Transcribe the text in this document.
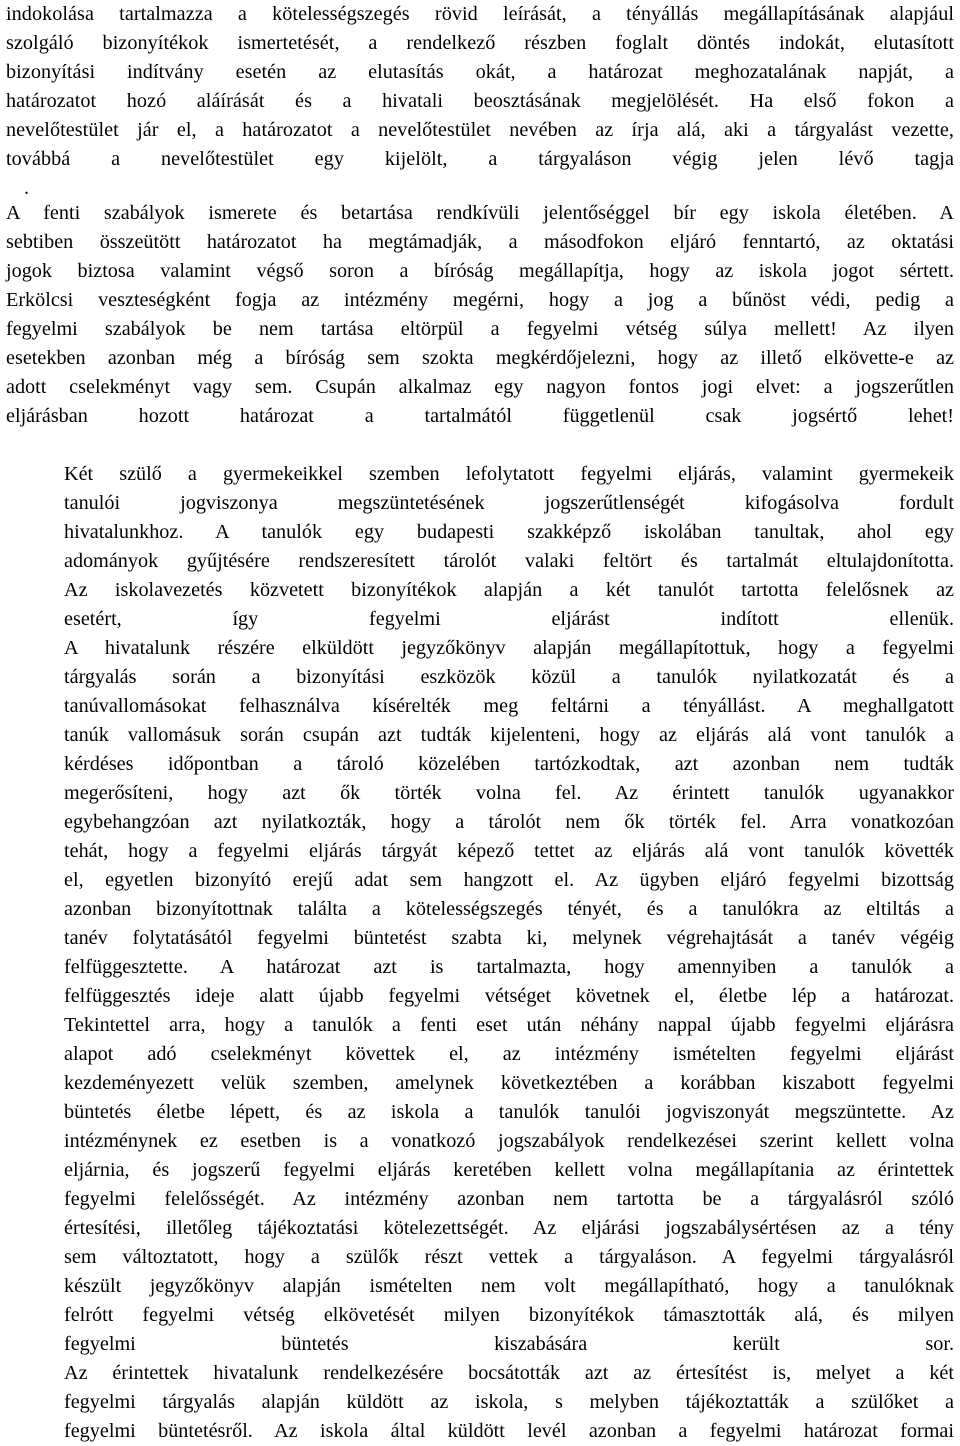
indokolása tartalmazza a kötelességszegés rövid leírását, a tényállás megállapításának alapjául
szolgáló bizonyítékok ismertetését, a rendelkező részben foglalt döntés indokát, elutasított
bizonyítási indítvány esetén az elutasítás okát, a határozat meghozatalának napját, a
határozatot hozó aláírását és a hivatali beosztásának megjelölését. Ha első fokon a
nevelőtestület jár el, a határozatot a nevelőtestület nevében az írja alá, aki a tárgyalást vezette,
továbbá a nevelőtestület egy kijelölt, a tárgyaláson végig jelen lévő tagja
.
A fenti szabályok ismerete és betartása rendkívüli jelentőséggel bír egy iskola életében. A
sebtiben összeütött határozatot ha megtámadják, a másodfokon eljáró fenntartó, az oktatási
jogok biztosa valamint végső soron a bíróság megállapítja, hogy az iskola jogot sértett.
Erkölcsi veszteségként fogja az intézmény megérni, hogy a jog a bűnöst védi, pedig a
fegyelmi szabályok be nem tartása eltörpül a fegyelmi vétség súlya mellett! Az ilyen
esetekben azonban még a bíróság sem szokta megkérdőjelezni, hogy az illető elkövette-e az
adott cselekményt vagy sem. Csupán alkalmaz egy nagyon fontos jogi elvet: a jogszerűtlen
eljárásban hozott határozat a tartalmától függetlenül csak jogsértő lehet!
Két szülő a gyermekeikkel szemben lefolytatott fegyelmi eljárás, valamint gyermekeik
tanulói jogviszonya megszüntetésének jogszerűtlenségét kifogásolva fordult
hivatalunkhoz. A tanulók egy budapesti szakképző iskolában tanultak, ahol egy
adományok gyűjtésére rendszeresített tárolót valaki feltört és tartalmát eltulajdonította.
Az iskolavezetés közvetett bizonyítékok alapján a két tanulót tartotta felelősnek az
esetért, így fegyelmi eljárást indított ellenük.
A hivatalunk részére elküldött jegyzőkönyv alapján megállapítottuk, hogy a fegyelmi
tárgyalás során a bizonyítási eszközök közül a tanulók nyilatkozatát és a
tanúvallomásokat felhasználva kísérelték meg feltárni a tényállást. A meghallgatott
tanúk vallomásuk során csupán azt tudták kijelenteni, hogy az eljárás alá vont tanulók a
kérdéses időpontban a tároló közelében tartózkodtak, azt azonban nem tudták
megerősíteni, hogy azt ők törték volna fel. Az érintett tanulók ugyanakkor
egybehangzóan azt nyilatkozták, hogy a tárolót nem ők törték fel. Arra vonatkozóan
tehát, hogy a fegyelmi eljárás tárgyát képező tettet az eljárás alá vont tanulók követték
el, egyetlen bizonyító erejű adat sem hangzott el. Az ügyben eljáró fegyelmi bizottság
azonban bizonyítottnak találta a kötelességszegés tényét, és a tanulókra az eltiltás a
tanév folytatásától fegyelmi büntetést szabta ki, melynek végrehajtását a tanév végéig
felfüggesztette. A határozat azt is tartalmazta, hogy amennyiben a tanulók a
felfüggesztés ideje alatt újabb fegyelmi vétséget követnek el, életbe lép a határozat.
Tekintettel arra, hogy a tanulók a fenti eset után néhány nappal újabb fegyelmi eljárásra
alapot adó cselekményt követtek el, az intézmény ismételten fegyelmi eljárást
kezdeményezett velük szemben, amelynek következtében a korábban kiszabott fegyelmi
büntetés életbe lépett, és az iskola a tanulók tanulói jogviszonyát megszüntette. Az
intézménynek ez esetben is a vonatkozó jogszabályok rendelkezései szerint kellett volna
eljárnia, és jogszerű fegyelmi eljárás keretében kellett volna megállapítania az érintettek
fegyelmi felelősségét. Az intézmény azonban nem tartotta be a tárgyalásról szóló
értesítési, illetőleg tájékoztatási kötelezettségét. Az eljárási jogszabálysértésen az a tény
sem változtatott, hogy a szülők részt vettek a tárgyaláson. A fegyelmi tárgyalásról
készült jegyzőkönyv alapján ismételten nem volt megállapítható, hogy a tanulóknak
felrótt fegyelmi vétség elkövetését milyen bizonyítékok támasztották alá, és milyen
fegyelmi büntetés kiszabására került sor.
Az érintettek hivatalunk rendelkezésére bocsátották azt az értesítést is, melyet a két
fegyelmi tárgyalás alapján küldött az iskola, s melyben tájékoztatták a szülőket a
fegyelmi büntetésről. Az iskola által küldött levél azonban a fegyelmi határozat formai
